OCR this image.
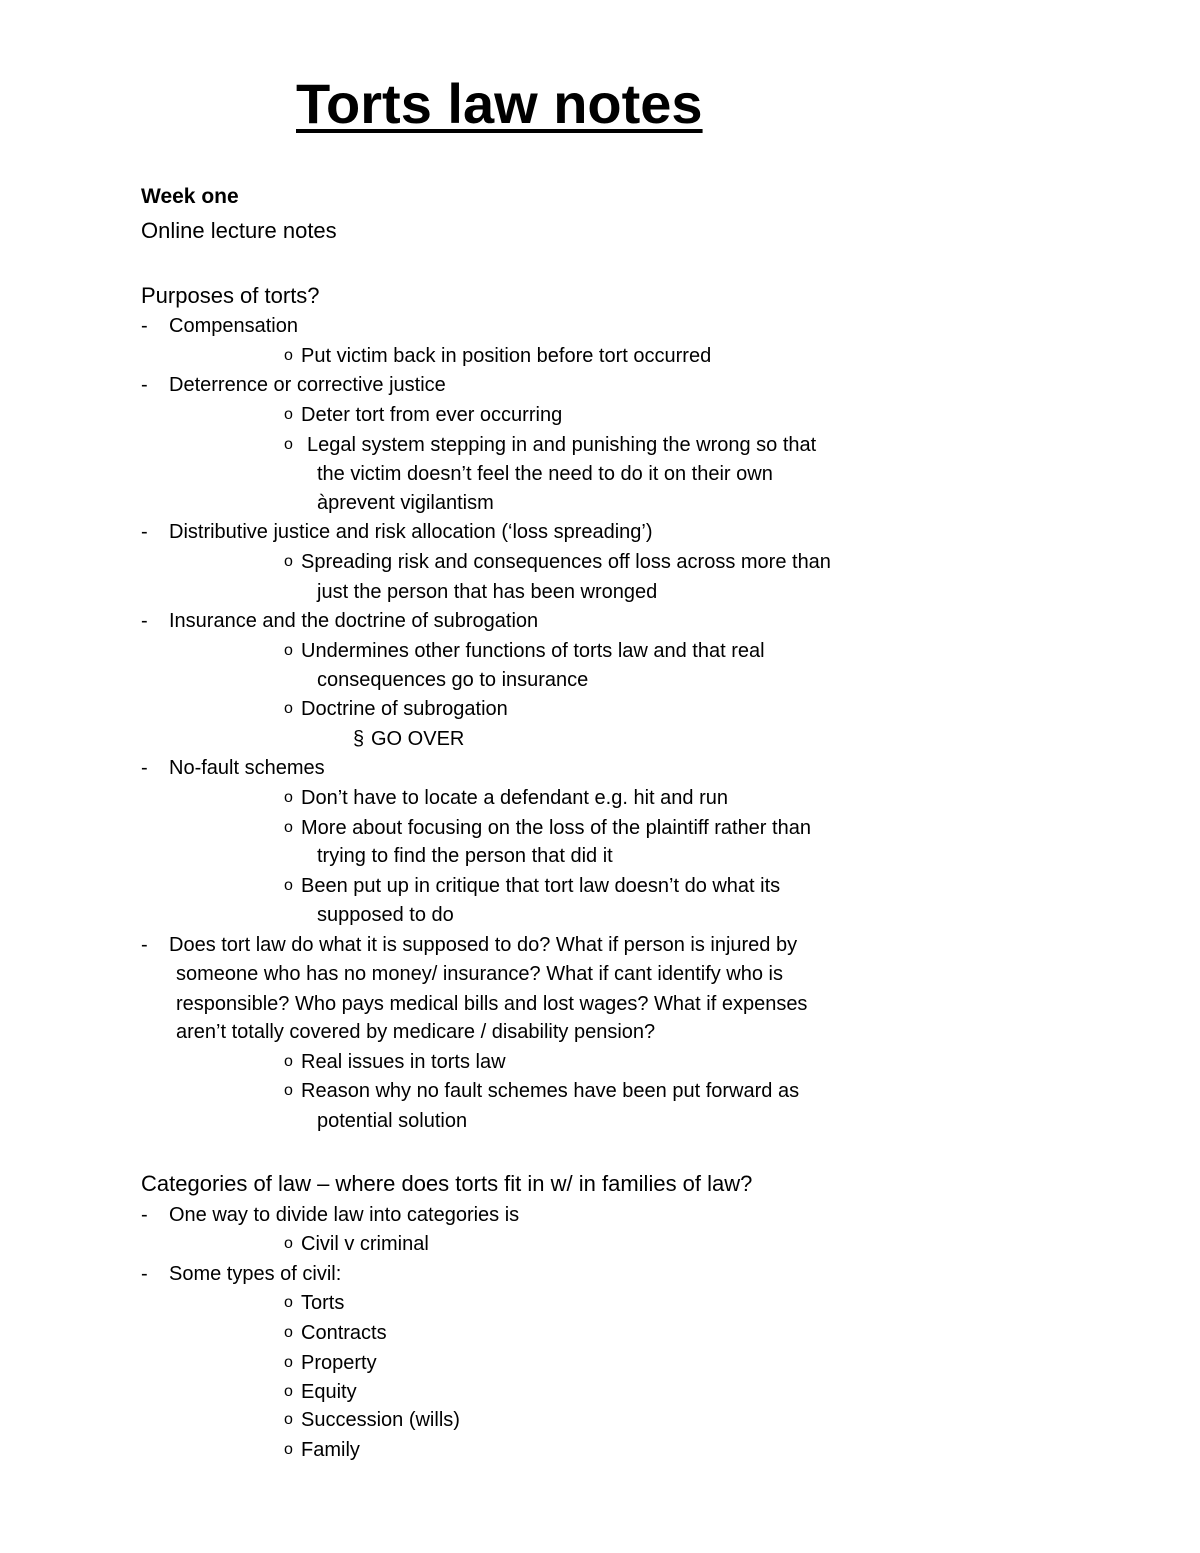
Torts law notes
Week one
Online lecture notes
Purposes of torts?
- Compensation
o Put victim back in position before tort occurred
- Deterrence or corrective justice
o Deter tort from ever occurring
o Legal system stepping in and punishing the wrong so that
the victim doesn’t feel the need to do it on their own
àprevent vigilantism
- Distributive justice and risk allocation (‘loss spreading’)
o Spreading risk and consequences off loss across more than
just the person that has been wronged
- Insurance and the doctrine of subrogation
o Undermines other functions of torts law and that real
consequences go to insurance
o Doctrine of subrogation
§ GO OVER
- No-fault schemes
o Don’t have to locate a defendant e.g. hit and run
o More about focusing on the loss of the plaintiff rather than
trying to find the person that did it
o Been put up in critique that tort law doesn’t do what its
supposed to do
- Does tort law do what it is supposed to do? What if person is injured by
someone who has no money/ insurance? What if cant identify who is
responsible? Who pays medical bills and lost wages? What if expenses
aren’t totally covered by medicare / disability pension?
o Real issues in torts law
o Reason why no fault schemes have been put forward as
potential solution
Categories of law – where does torts fit in w/ in families of law?
- One way to divide law into categories is
o Civil v criminal
- Some types of civil:
o Torts
o Contracts
o Property
o Equity
o Succession (wills)
o Family
